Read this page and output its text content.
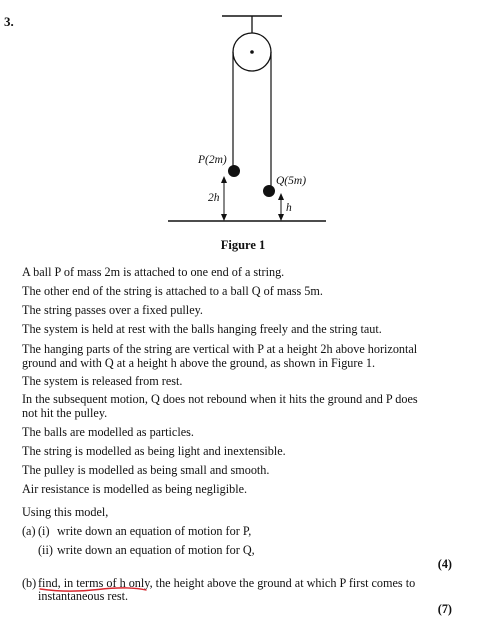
3.
P(2m)
Q(5m)
2h
h
Figure 1
A ball P of mass 2m is attached to one end of a string.
The other end of the string is attached to a ball Q of mass 5m.
The string passes over a fixed pulley.
The system is held at rest with the balls hanging freely and the string taut.
The hanging parts of the string are vertical with P at a height 2h above horizontal ground and with Q at a height h above the ground, as shown in Figure 1.
The system is released from rest.
In the subsequent motion, Q does not rebound when it hits the ground and P does not hit the pulley.
The balls are modelled as particles.
The string is modelled as being light and inextensible.
The pulley is modelled as being small and smooth.
Air resistance is modelled as being negligible.
Using this model,
(a) (i) write down an equation of motion for P,
(ii) write down an equation of motion for Q,
(4)
(b) find, in terms of h only, the height above the ground at which P first comes to
instantaneous rest.
(7)
